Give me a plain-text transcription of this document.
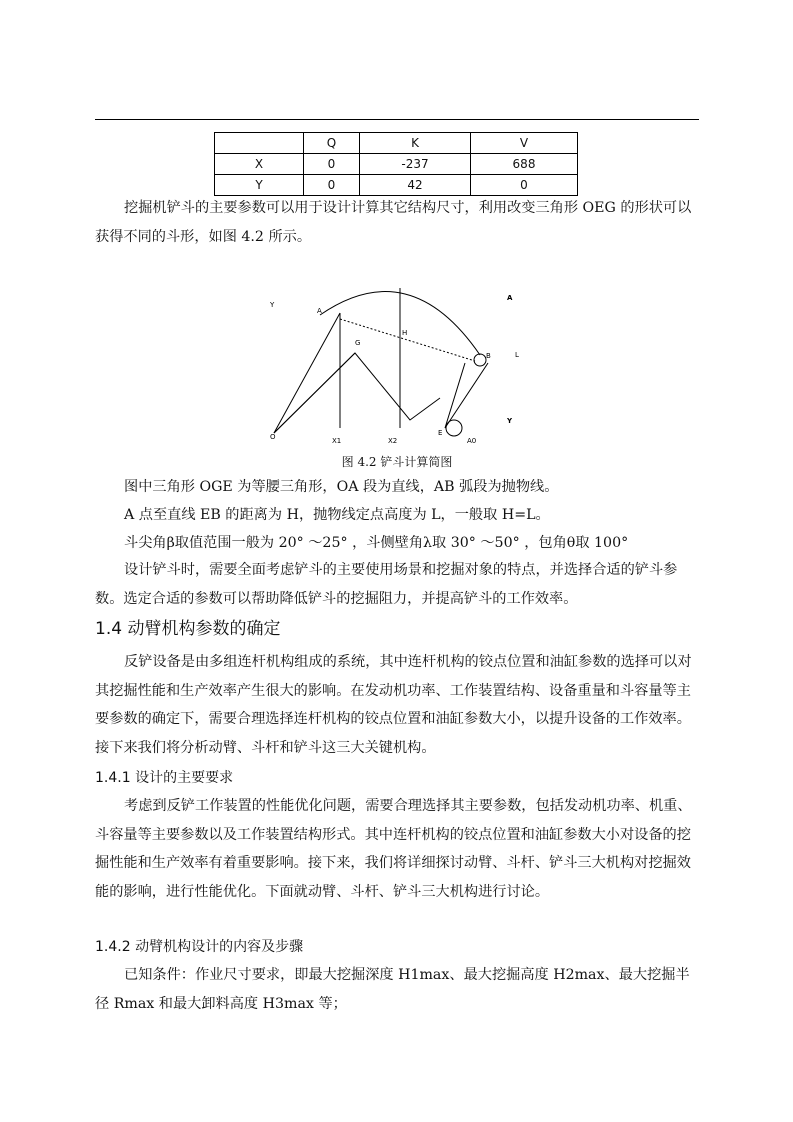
	Q	K	V
X	0	-237	688
Y	0	42	0

挖掘机铲斗的主要参数可以用于设计计算其它结构尺寸，利用改变三角形 OEG 的形状可以获得不同的斗形，如图 4.2 所示。

A
H
G
O	X1	X2
E
A0
B	L
Y
A
Y
图 4.2 铲斗计算简图

图中三角形 OGE 为等腰三角形，OA 段为直线，AB 弧段为抛物线。

A 点至直线 EB 的距离为 H，抛物线定点高度为 L，一般取 H=L。

斗尖角β取值范围一般为 20° ～25° ，斗侧壁角λ取 30° ～50° ，包角θ取 100°

设计铲斗时，需要全面考虑铲斗的主要使用场景和挖掘对象的特点，并选择合适的铲斗参数。选定合适的参数可以帮助降低铲斗的挖掘阻力，并提高铲斗的工作效率。

1.4 动臂机构参数的确定

反铲设备是由多组连杆机构组成的系统，其中连杆机构的铰点位置和油缸参数的选择可以对其挖掘性能和生产效率产生很大的影响。在发动机功率、工作装置结构、设备重量和斗容量等主要参数的确定下，需要合理选择连杆机构的铰点位置和油缸参数大小，以提升设备的工作效率。接下来我们将分析动臂、斗杆和铲斗这三大关键机构。

1.4.1 设计的主要要求

考虑到反铲工作装置的性能优化问题，需要合理选择其主要参数，包括发动机功率、机重、斗容量等主要参数以及工作装置结构形式。其中连杆机构的铰点位置和油缸参数大小对设备的挖掘性能和生产效率有着重要影响。接下来，我们将详细探讨动臂、斗杆、铲斗三大机构对挖掘效能的影响，进行性能优化。下面就动臂、斗杆、铲斗三大机构进行讨论。

1.4.2 动臂机构设计的内容及步骤

已知条件：作业尺寸要求，即最大挖掘深度 H1max、最大挖掘高度 H2max、最大挖掘半径 Rmax 和最大卸料高度 H3max 等；
